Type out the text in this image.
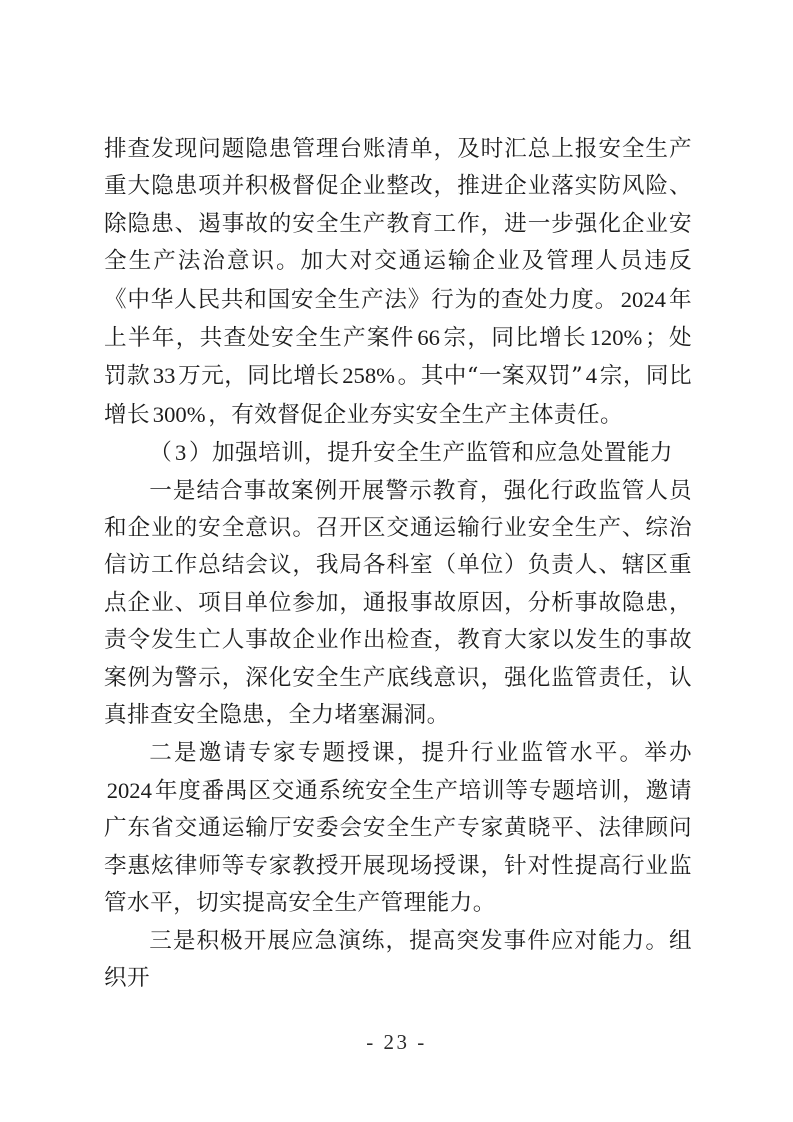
排查发现问题隐患管理台账清单，及时汇总上报安全生产重大隐患项并积极督促企业整改，推进企业落实防风险、除隐患、遏事故的安全生产教育工作，进一步强化企业安全生产法治意识。加大对交通运输企业及管理人员违反《中华人民共和国安全生产法》行为的查处力度。 2024 年上半年，共查处安全生产案件 66 宗，同比增长 120% ；处罚款 33 万元，同比增长 258% 。其中“一案双罚” 4 宗，同比增长 300% ，有效督促企业夯实安全生产主体责任。

（ 3 ）加强培训，提升安全生产监管和应急处置能力

一是结合事故案例开展警示教育，强化行政监管人员和企业的安全意识。召开区交通运输行业安全生产、综治信访工作总结会议，我局各科室（单位）负责人、辖区重点企业、项目单位参加，通报事故原因，分析事故隐患，责令发生亡人事故企业作出检查，教育大家以发生的事故案例为警示，深化安全生产底线意识，强化监管责任，认真排查安全隐患，全力堵塞漏洞。

二是邀请专家专题授课，提升行业监管水平。举办2024 年度番禺区交通系统安全生产培训等专题培训，邀请广东省交通运输厅安委会安全生产专家黄晓平、法律顾问李惠炫律师等专家教授开展现场授课，针对性提高行业监管水平，切实提高安全生产管理能力。

三是积极开展应急演练，提高突发事件应对能力。组织开

- 23 -
